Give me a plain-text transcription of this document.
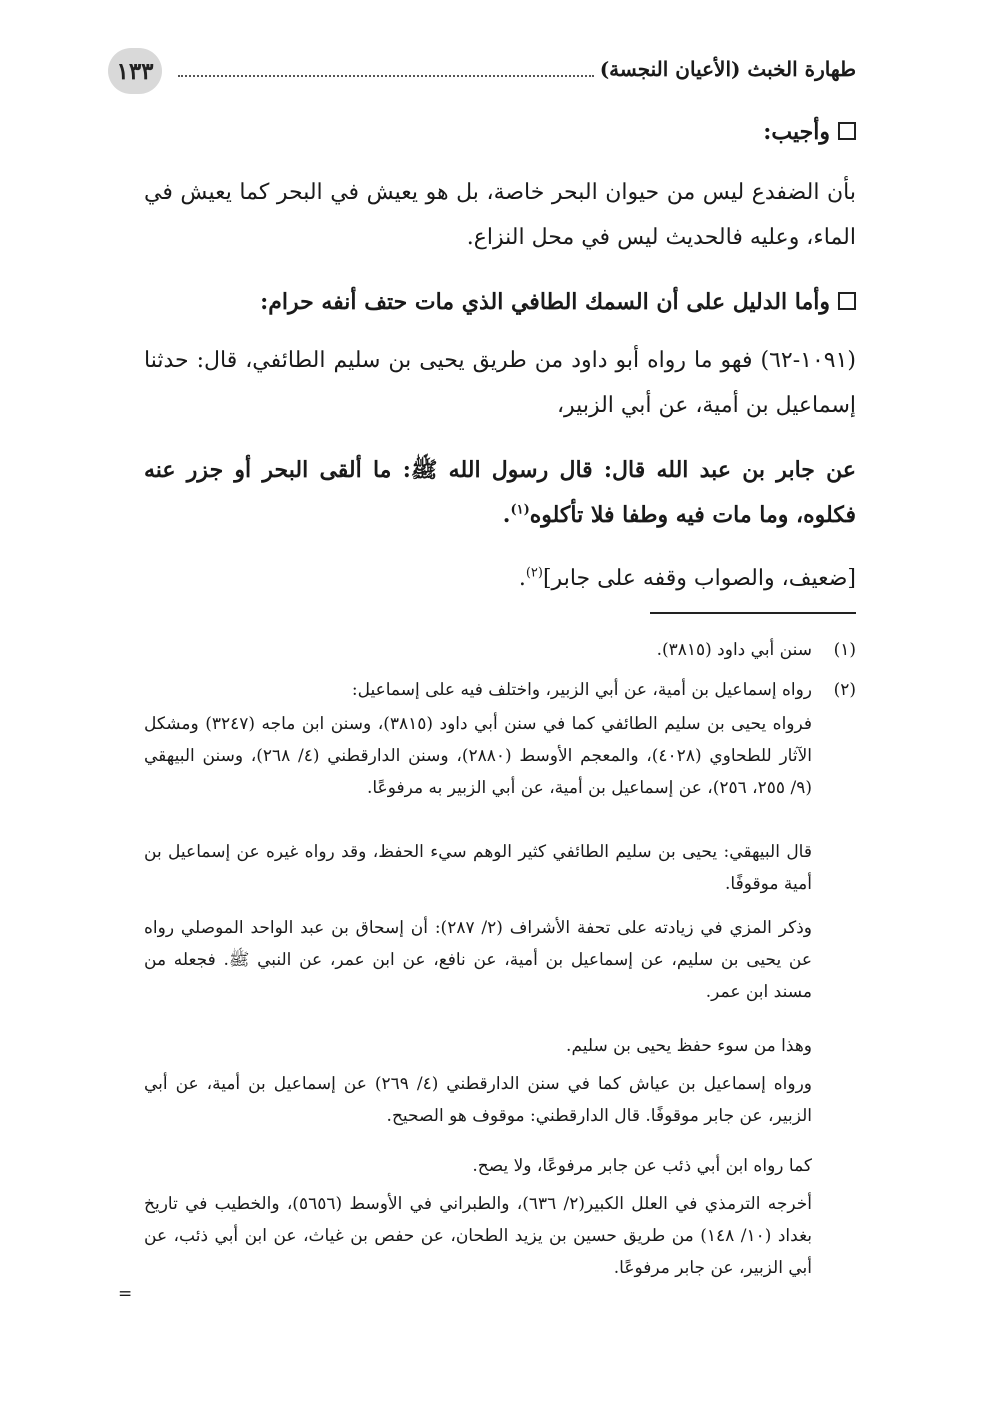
١٣٣	طهارة الخبث (الأعيان النجسة)

وأجيب:

بأن الضفدع ليس من حيوان البحر خاصة، بل هو يعيش في البحر كما يعيش في الماء، وعليه فالحديث ليس في محل النزاع.

وأما الدليل على أن السمك الطافي الذي مات حتف أنفه حرام:

(١٠٩١-٦٢) فهو ما رواه أبو داود من طريق يحيى بن سليم الطائفي، قال: حدثنا إسماعيل بن أمية، عن أبي الزبير،

عن جابر بن عبد الله قال: قال رسول الله ﷺ: ما ألقى البحر أو جزر عنه فكلوه، وما مات فيه وطفا فلا تأكلوه$^{(١)}$.

[ضعيف، والصواب وقفه على جابر]$^{(٢)}$.

(١)
سنن أبي داود (٣٨١٥).
(٢)
رواه إسماعيل بن أمية، عن أبي الزبير، واختلف فيه على إسماعيل:

فرواه يحيى بن سليم الطائفي كما في سنن أبي داود (٣٨١٥)، وسنن ابن ماجه (٣٢٤٧) ومشكل الآثار للطحاوي (٤٠٢٨)، والمعجم الأوسط (٢٨٨٠)، وسنن الدارقطني (٤/ ٢٦٨)، وسنن البيهقي (٩/ ٢٥٥، ٢٥٦)، عن إسماعيل بن أمية، عن أبي الزبير به مرفوعًا.

قال البيهقي: يحيى بن سليم الطائفي كثير الوهم سيء الحفظ، وقد رواه غيره عن إسماعيل بن أمية موقوفًا.

وذكر المزي في زيادته على تحفة الأشراف (٢/ ٢٨٧): أن إسحاق بن عبد الواحد الموصلي رواه عن يحيى بن سليم، عن إسماعيل بن أمية، عن نافع، عن ابن عمر، عن النبي ﷺ. فجعله من مسند ابن عمر.

وهذا من سوء حفظ يحيى بن سليم.

ورواه إسماعيل بن عياش كما في سنن الدارقطني (٤/ ٢٦٩) عن إسماعيل بن أمية، عن أبي الزبير، عن جابر موقوفًا. قال الدارقطني: موقوف هو الصحيح.

كما رواه ابن أبي ذئب عن جابر مرفوعًا، ولا يصح.

أخرجه الترمذي في العلل الكبير(٢/ ٦٣٦)، والطبراني في الأوسط (٥٦٥٦)، والخطيب في تاريخ بغداد (١٠/ ١٤٨) من طريق حسين بن يزيد الطحان، عن حفص بن غياث، عن ابن أبي ذئب، عن أبي الزبير، عن جابر مرفوعًا.

=
